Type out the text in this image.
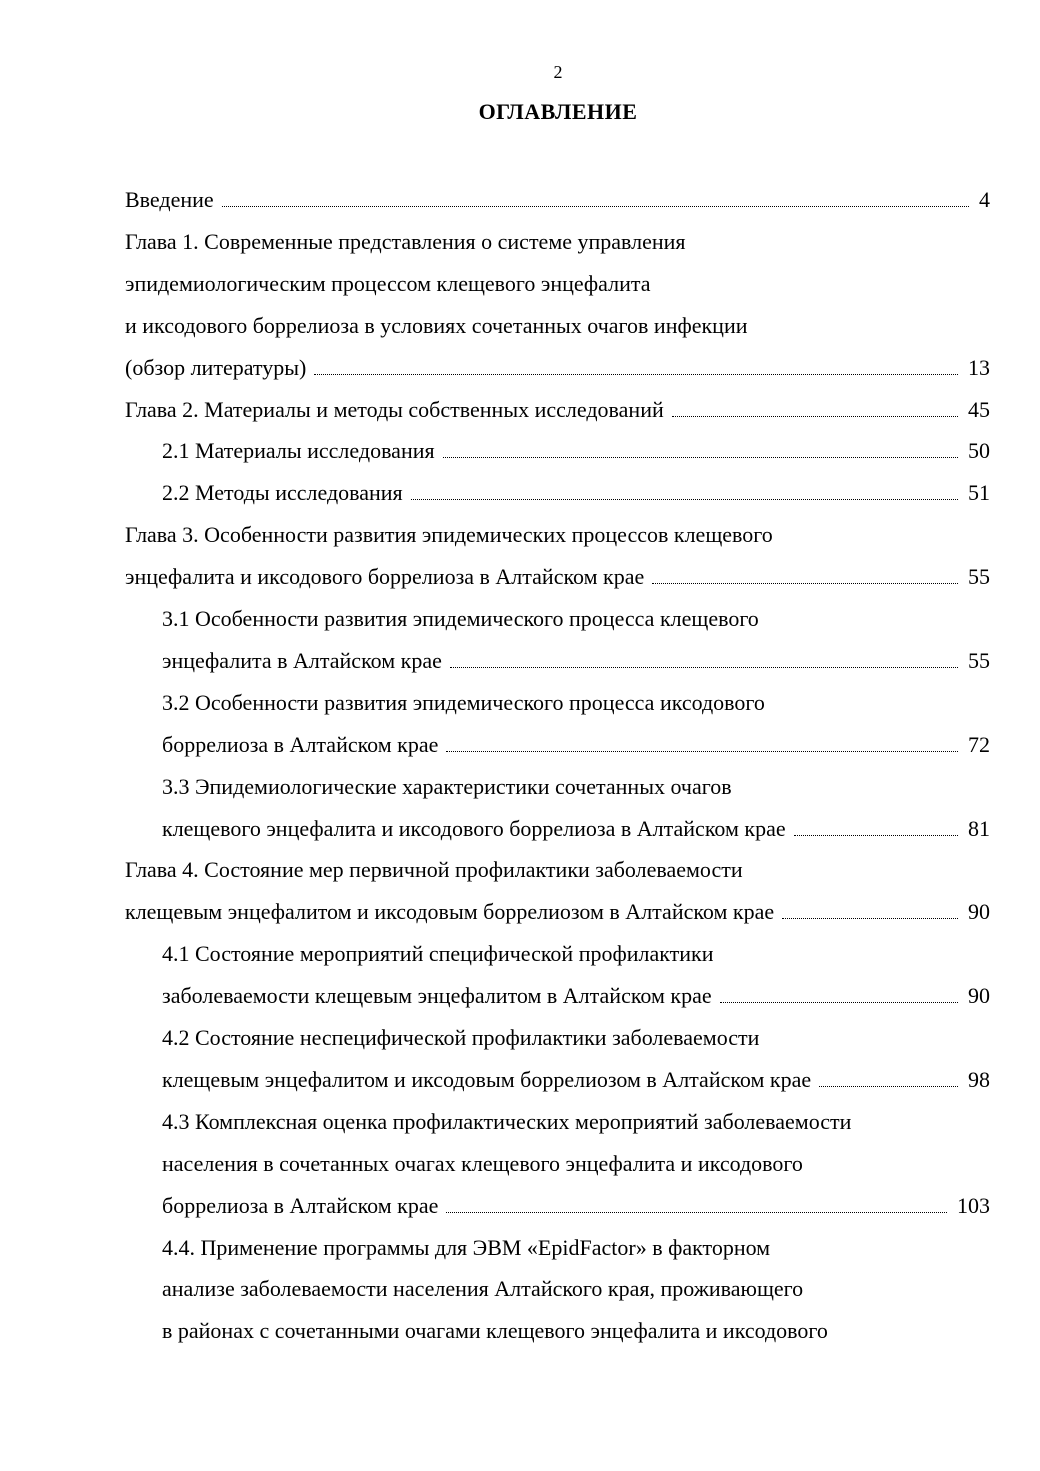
2
ОГЛАВЛЕНИЕ
Введение	4
Глава 1. Современные представления о системе управления
эпидемиологическим процессом клещевого энцефалита
и иксодового боррелиоза в условиях сочетанных очагов инфекции
(обзор литературы)	13
Глава 2. Материалы и методы собственных исследований	45
2.1 Материалы исследования	50
2.2 Методы исследования	51
Глава 3. Особенности развития эпидемических процессов клещевого
энцефалита и иксодового боррелиоза в Алтайском крае	55
3.1 Особенности развития эпидемического процесса клещевого
энцефалита в Алтайском крае	55
3.2 Особенности развития эпидемического процесса иксодового
боррелиоза в Алтайском крае	72
3.3 Эпидемиологические характеристики сочетанных очагов
клещевого энцефалита и иксодового боррелиоза в Алтайском крае	81
Глава 4. Состояние мер первичной профилактики заболеваемости
клещевым энцефалитом и иксодовым боррелиозом в Алтайском крае	90
4.1 Состояние мероприятий специфической профилактики
заболеваемости клещевым энцефалитом в Алтайском крае	90
4.2 Состояние неспецифической профилактики заболеваемости
клещевым энцефалитом и иксодовым боррелиозом в Алтайском крае	98
4.3 Комплексная оценка профилактических мероприятий заболеваемости
населения в сочетанных очагах клещевого энцефалита и иксодового
боррелиоза в Алтайском крае	103
4.4. Применение программы для ЭВМ «EpidFactor» в факторном
анализе заболеваемости населения Алтайского края, проживающего
в районах с сочетанными очагами клещевого энцефалита и иксодового
